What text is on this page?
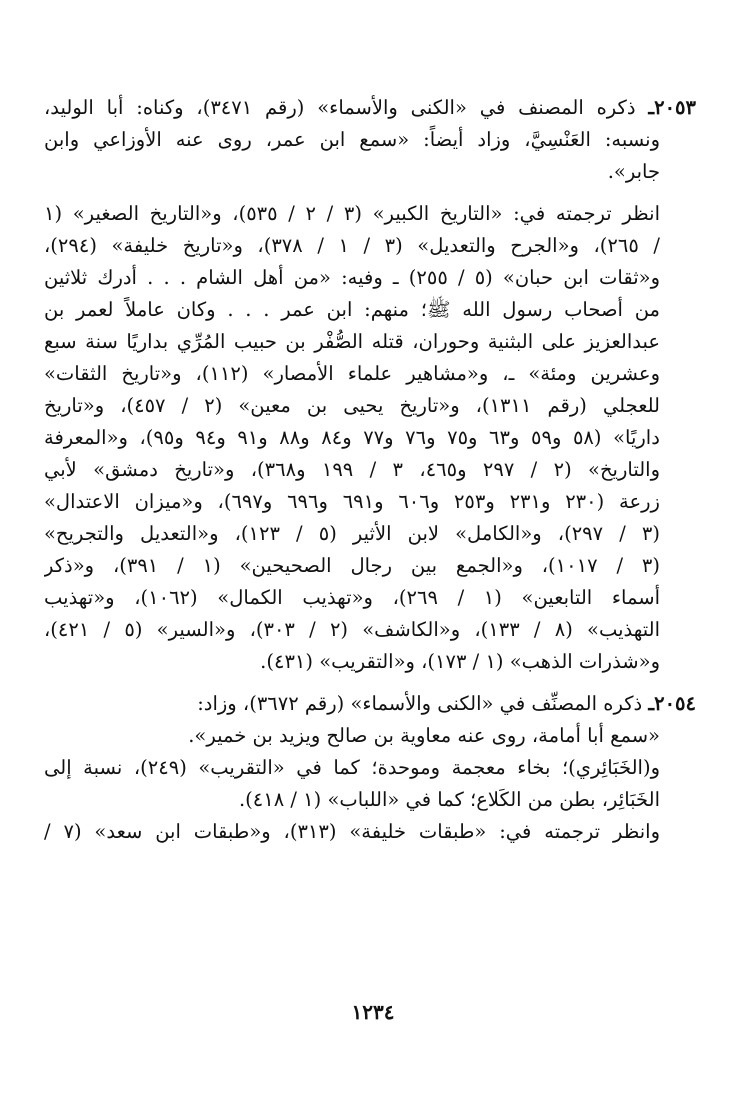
٢٠٥٣ـ ذكره المصنف في «الكنى والأسماء» (رقم ٣٤٧١)، وكناه: أبا الوليد،
ونسبه: العَنْسِيَّ، وزاد أيضاً: «سمع ابن عمر، روى عنه الأوزاعي وابن
جابر».
انظر ترجمته في: «التاريخ الكبير» (٣ / ٢ / ٥٣٥)، و«التاريخ الصغير» (١
/ ٢٦٥)، و«الجرح والتعديل» (٣ / ١ / ٣٧٨)، و«تاريخ خليفة» (٢٩٤)،
و«ثقات ابن حبان» (٥ / ٢٥٥) ـ وفيه: «من أهل الشام . . . أدرك ثلاثين
من أصحاب رسول الله ﷺ؛ منهم: ابن عمر . . . وكان عاملاً لعمر بن
عبدالعزيز على البثنية وحوران، قتله الصُّفْر بن حبيب المُرِّي بداريًا سنة سبع
وعشرين ومئة» ـ، و«مشاهير علماء الأمصار» (١١٢)، و«تاريخ الثقات»
للعجلي (رقم ١٣١١)، و«تاريخ يحيى بن معين» (٢ / ٤٥٧)، و«تاريخ
داريًا» (٥٨ و٥٩ و٦٣ و٧٥ و٧٦ و٧٧ و٨٤ و٨٨ و٩١ و٩٤ و٩٥)، و«المعرفة
والتاريخ» (٢ / ٢٩٧ و٤٦٥، ٣ / ١٩٩ و٣٦٨)، و«تاريخ دمشق» لأبي
زرعة (٢٣٠ و٢٣١ و٢٥٣ و٦٠٦ و٦٩١ و٦٩٦ و٦٩٧)، و«ميزان الاعتدال»
(٣ / ٢٩٧)، و«الكامل» لابن الأثير (٥ / ١٢٣)، و«التعديل والتجريح»
(٣ / ١٠١٧)، و«الجمع بين رجال الصحيحين» (١ / ٣٩١)، و«ذكر
أسماء التابعين» (١ / ٢٦٩)، و«تهذيب الكمال» (١٠٦٢)، و«تهذيب
التهذيب» (٨ / ١٣٣)، و«الكاشف» (٢ / ٣٠٣)، و«السير» (٥ / ٤٢١)،
و«شذرات الذهب» (١ / ١٧٣)، و«التقريب» (٤٣١).
٢٠٥٤ـ ذكره المصنِّف في «الكنى والأسماء» (رقم ٣٦٧٢)، وزاد:
«سمع أبا أمامة، روى عنه معاوية بن صالح ويزيد بن خمير».
و(الخَبَائِري)؛ بخاء معجمة وموحدة؛ كما في «التقريب» (٢٤٩)، نسبة إلى
الخَبَائِر، بطن من الكَلاع؛ كما في «اللباب» (١ / ٤١٨).
وانظر ترجمته في: «طبقات خليفة» (٣١٣)، و«طبقات ابن سعد» (٧ /
١٢٣٤
